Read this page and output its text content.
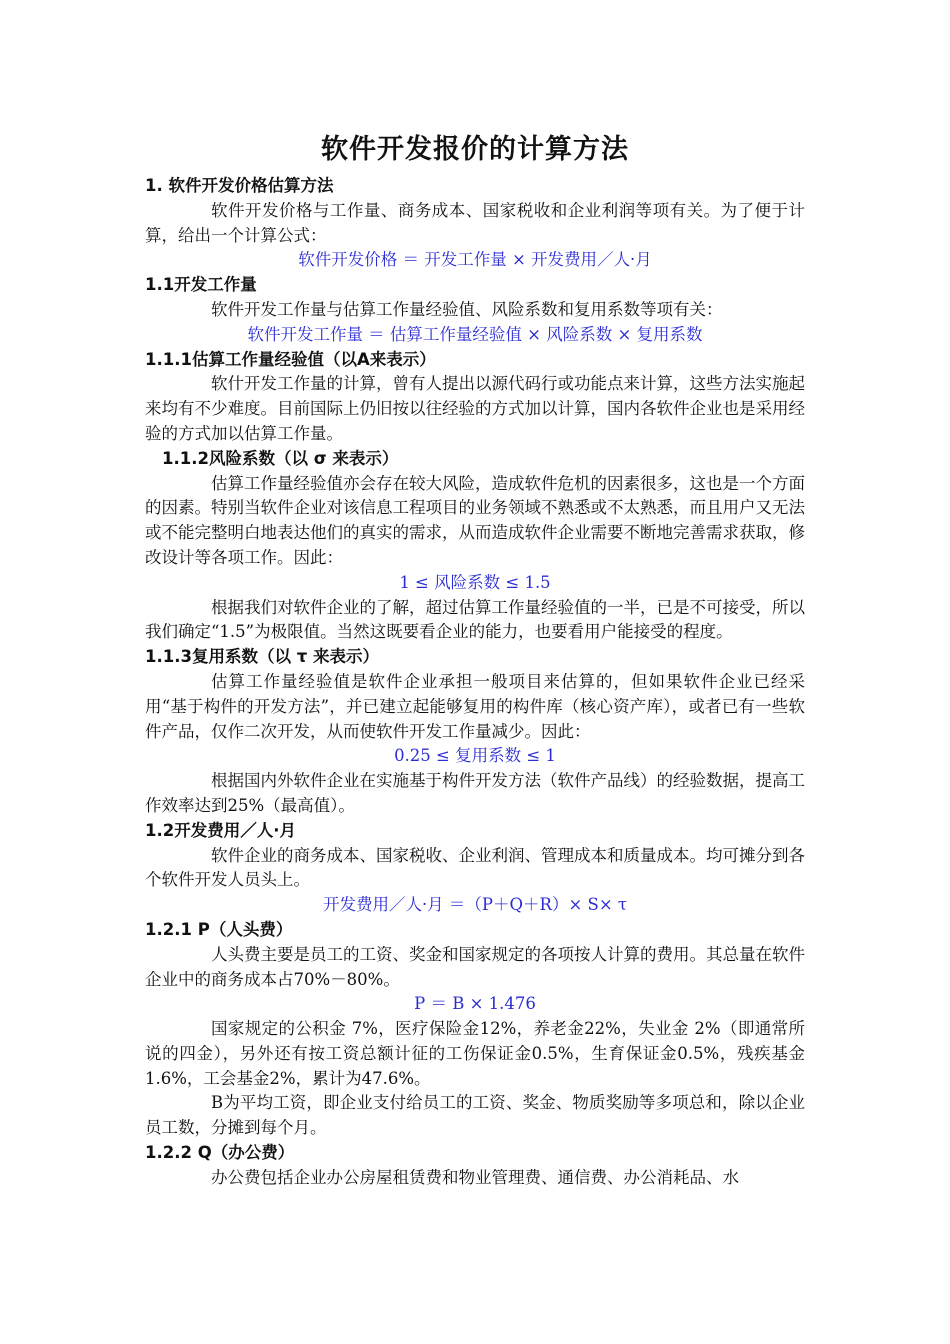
软件开发报价的计算方法
1. 软件开发价格估算方法
软件开发价格与工作量、商务成本、国家税收和企业利润等项有关。为了便于计算，给出一个计算公式：
软件开发价格 ＝ 开发工作量 × 开发费用／人·月
1.1开发工作量
软件开发工作量与估算工作量经验值、风险系数和复用系数等项有关：
软件开发工作量 ＝ 估算工作量经验值 × 风险系数 × 复用系数
1.1.1估算工作量经验值（以A来表示）
软什开发工作量的计算，曾有人提出以源代码行或功能点来计算，这些方法实施起来均有不少难度。目前国际上仍旧按以往经验的方式加以计算，国内各软件企业也是采用经验的方式加以估算工作量。
1.1.2风险系数（以 σ 来表示）
估算工作量经验值亦会存在较大风险，造成软件危机的因素很多，这也是一个方面的因素。特别当软件企业对该信息工程项目的业务领域不熟悉或不太熟悉，而且用户又无法或不能完整明白地表达他们的真实的需求，从而造成软件企业需要不断地完善需求获取，修改设计等各项工作。因此：
1 ≤ 风险系数 ≤ 1.5
根据我们对软件企业的了解，超过估算工作量经验值的一半，已是不可接受，所以我们确定“1.5”为极限值。当然这既要看企业的能力，也要看用户能接受的程度。
1.1.3复用系数（以 τ 来表示）
估算工作量经验值是软件企业承担一般项目来估算的，但如果软件企业已经采用“基于构件的开发方法”，并已建立起能够复用的构件库（核心资产库），或者已有一些软件产品，仅作二次开发，从而使软件开发工作量减少。因此：
0.25 ≤ 复用系数 ≤ 1
根据国内外软件企业在实施基于构件开发方法（软件产品线）的经验数据，提高工作效率达到25%（最高值）。
1.2开发费用／人·月
软件企业的商务成本、国家税收、企业利润、管理成本和质量成本。均可摊分到各个软件开发人员头上。
开发费用／人·月 ＝（P＋Q＋R）× S× τ
1.2.1 P（人头费）
人头费主要是员工的工资、奖金和国家规定的各项按人计算的费用。其总量在软件企业中的商务成本占70%－80%。
P ＝ B × 1.476
国家规定的公积金 7%，医疗保险金12%，养老金22%，失业金 2%（即通常所说的四金），另外还有按工资总额计征的工伤保证金0.5%，生育保证金0.5%，残疾基金1.6%，工会基金2%，累计为47.6%。
B为平均工资，即企业支付给员工的工资、奖金、物质奖励等多项总和，除以企业员工数，分摊到每个月。
1.2.2 Q（办公费）
办公费包括企业办公房屋租赁费和物业管理费、通信费、办公消耗品、水
